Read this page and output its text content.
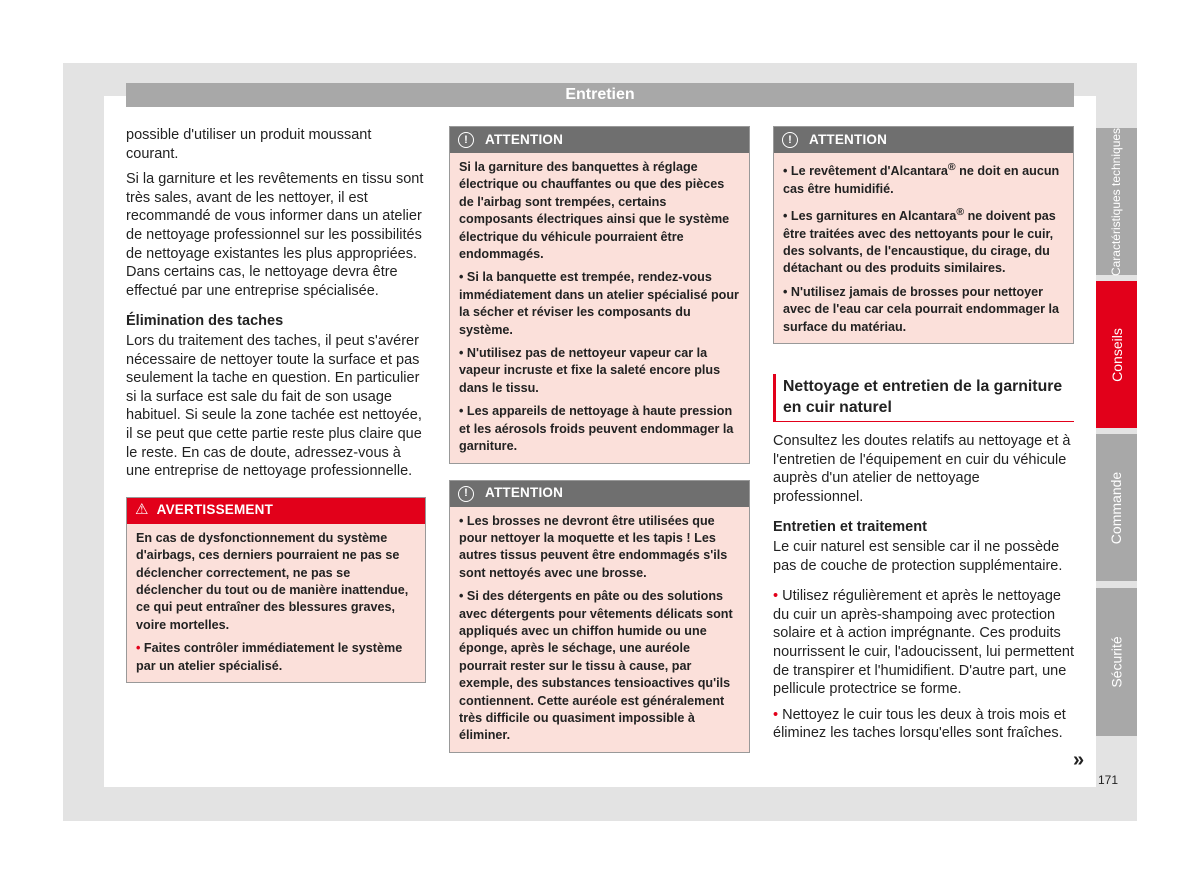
Entretien

possible d'utiliser un produit moussant courant.

Si la garniture et les revêtements en tissu sont très sales, avant de les nettoyer, il est recommandé de vous informer dans un atelier de nettoyage professionnel sur les possibilités de nettoyage existantes les plus appropriées. Dans certains cas, le nettoyage devra être effectué par une entreprise spécialisée.

Élimination des taches

Lors du traitement des taches, il peut s'avérer nécessaire de nettoyer toute la surface et pas seulement la tache en question. En particulier si la surface est sale du fait de son usage habituel. Si seule la zone tachée est nettoyée, il se peut que cette partie reste plus claire que le reste. En cas de doute, adressez-vous à une entreprise de nettoyage professionnelle.

⚠ AVERTISSEMENT

En cas de dysfonctionnement du système d'airbags, ces derniers pourraient ne pas se déclencher correctement, ne pas se déclencher du tout ou de manière inattendue, ce qui peut entraîner des blessures graves, voire mortelles.

• Faites contrôler immédiatement le système par un atelier spécialisé.

!	ATTENTION

Si la garniture des banquettes à réglage électrique ou chauffantes ou que des pièces de l'airbag sont trempées, certains composants électriques ainsi que le système électrique du véhicule pourraient être endommagés.

• Si la banquette est trempée, rendez-vous immédiatement dans un atelier spécialisé pour la sécher et réviser les composants du système.

• N'utilisez pas de nettoyeur vapeur car la vapeur incruste et fixe la saleté encore plus dans le tissu.

• Les appareils de nettoyage à haute pression et les aérosols froids peuvent endommager la garniture.

!	ATTENTION

• Les brosses ne devront être utilisées que pour nettoyer la moquette et les tapis ! Les autres tissus peuvent être endommagés s'ils sont nettoyés avec une brosse.

• Si des détergents en pâte ou des solutions avec détergents pour vêtements délicats sont appliqués avec un chiffon humide ou une éponge, après le séchage, une auréole pourrait rester sur le tissu à cause, par exemple, des substances tensioactives qu'ils contiennent. Cette auréole est généralement très difficile ou quasiment impossible à éliminer.

!	ATTENTION

• Le revêtement d'Alcantara® ne doit en aucun cas être humidifié.

• Les garnitures en Alcantara® ne doivent pas être traitées avec des nettoyants pour le cuir, des solvants, de l'encaustique, du cirage, du détachant ou des produits similaires.

• N'utilisez jamais de brosses pour nettoyer avec de l'eau car cela pourrait endommager la surface du matériau.

Nettoyage et entretien de la garniture en cuir naturel

Consultez les doutes relatifs au nettoyage et à l'entretien de l'équipement en cuir du véhicule auprès d'un atelier de nettoyage professionnel.

Entretien et traitement

Le cuir naturel est sensible car il ne possède pas de couche de protection supplémentaire.

• Utilisez régulièrement et après le nettoyage du cuir un après-shampoing avec protection solaire et à action imprégnante. Ces produits nourrissent le cuir, l'adoucissent, lui permettent de transpirer et l'humidifient. D'autre part, une pellicule protectrice se forme.

• Nettoyez le cuir tous les deux à trois mois et éliminez les taches lorsqu'elles sont fraîches.

Caractéristiques techniques
Conseils
Commande
Sécurité
»
171
